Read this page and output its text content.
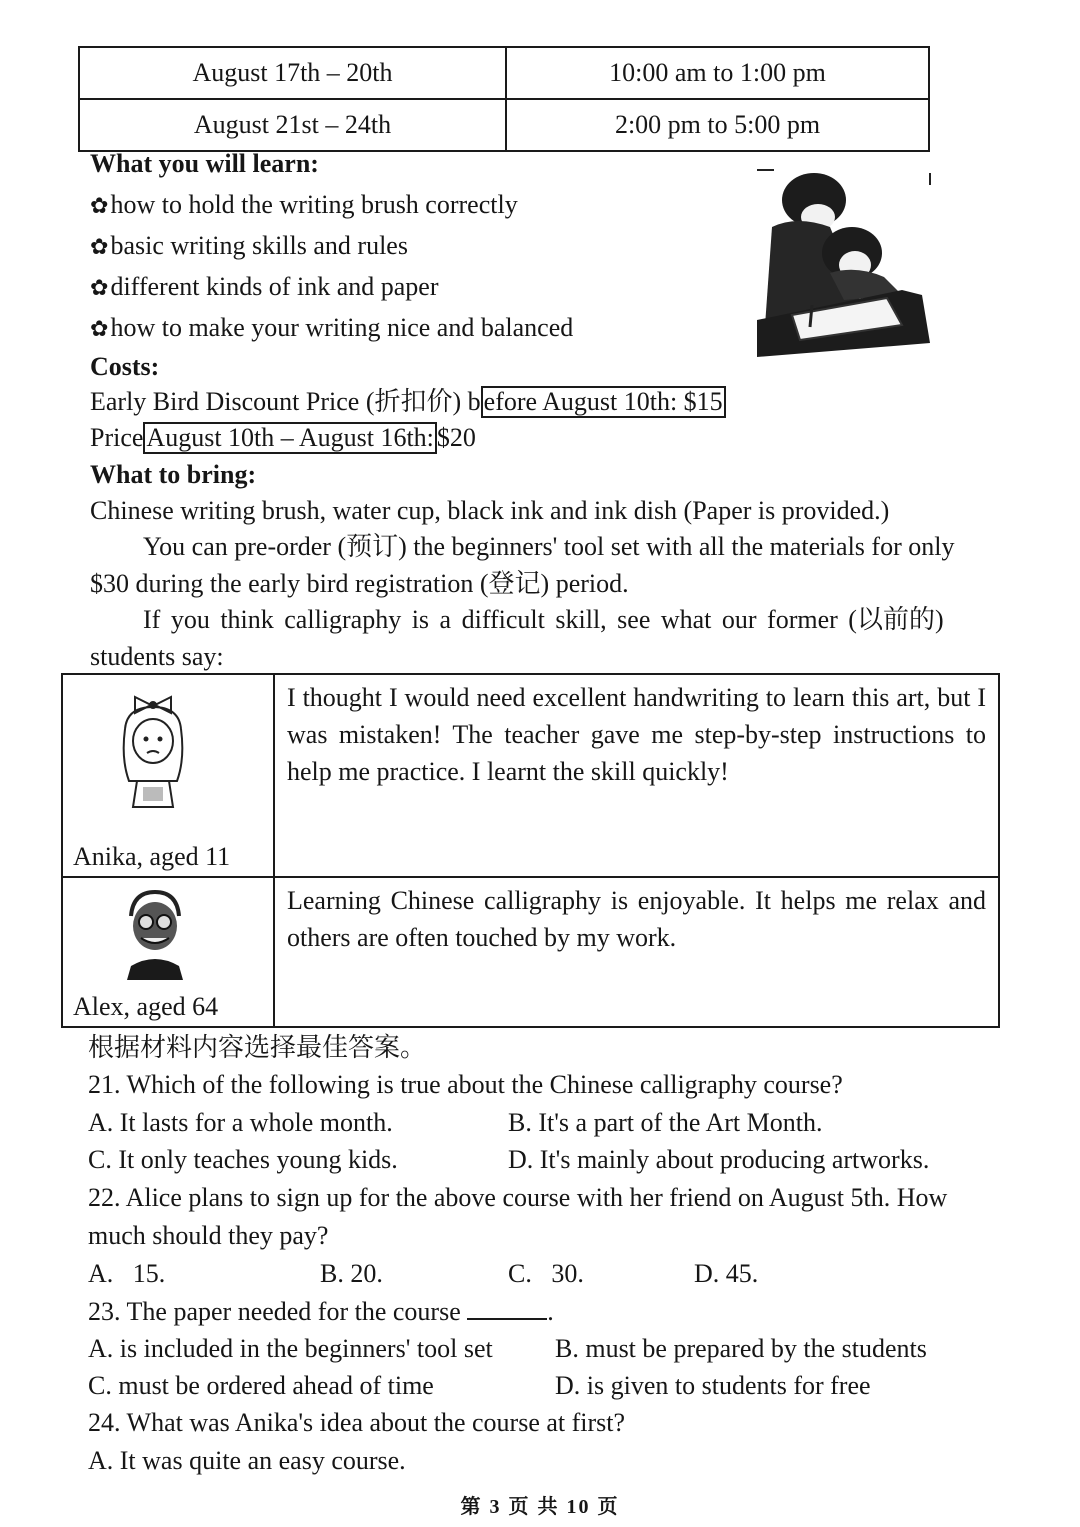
August 17th – 20th	10:00 am to 1:00 pm
August 21st – 24th	2:00 pm to 5:00 pm
What you will learn:
✿how to hold the writing brush correctly
✿basic writing skills and rules
✿different kinds of ink and paper
✿how to make your writing nice and balanced
Costs:
Early Bird Discount Price (折扣价) b efore August 10th: $15
Price August 10th – August 16th: $20
What to bring:
Chinese writing brush, water cup, black ink and ink dish (Paper is provided.)
You can pre-order (预订) the beginners' tool set with all the materials for only
$30 during the early bird registration (登记) period.
If you think calligraphy is a difficult skill, see what our former (以前的)
students say:
Anika, aged 11	I thought I would need excellent handwriting to learn this art, but I was mistaken! The teacher gave me step-by-step instructions to help me practice. I learnt the skill quickly!

Alex, aged 64	Learning Chinese calligraphy is enjoyable. It helps me relax and others are often touched by my work.
根据材料内容选择最佳答案。
21. Which of the following is true about the Chinese calligraphy course?
A. It lasts for a whole month.	B. It's a part of the Art Month.
C. It only teaches young kids.	D. It's mainly about producing artworks.
22. Alice plans to sign up for the above course with her friend on August 5th. How
much should they pay?
A.   15.	B. 20.	C.   30.	D. 45.
23. The paper needed for the course	.
A. is included in the beginners' tool set B. must be prepared by the students
C. must be ordered ahead of time	D. is given to students for free
24. What was Anika's idea about the course at first?
A. It was quite an easy course.
第 3 页 共 10 页
